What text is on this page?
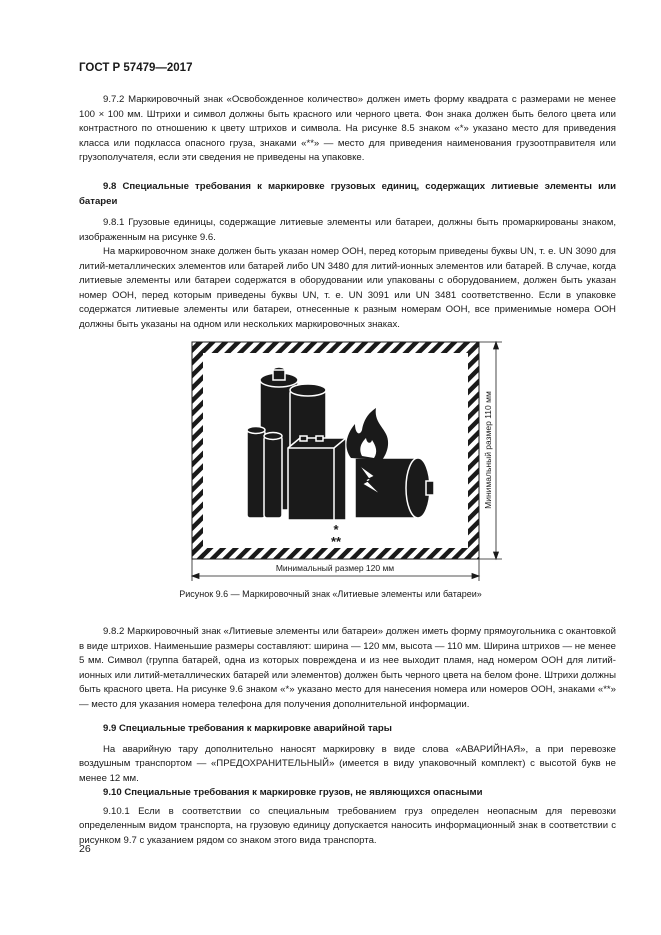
ГОСТ Р 57479—2017

9.7.2 Маркировочный знак «Освобожденное количество» должен иметь форму квадрата с размерами не менее 100 × 100 мм. Штрихи и символ должны быть красного или черного цвета. Фон знака должен быть белого цвета или контрастного по отношению к цвету штрихов и символа. На рисунке 8.5 знаком «*» указано место для приведения класса или подкласса опасного груза, знаками «**» — место для приведения наименования грузоотправителя или грузополучателя, если эти сведения не приведены на упаковке.

9.8 Специальные требования к маркировке грузовых единиц, содержащих литиевые элементы или батареи

9.8.1 Грузовые единицы, содержащие литиевые элементы или батареи, должны быть промаркированы знаком, изображенным на рисунке 9.6.

На маркировочном знаке должен быть указан номер ООН, перед которым приведены буквы UN, т. е. UN 3090 для литий-металлических элементов или батарей либо UN 3480 для литий-ионных элементов или батарей. В случае, когда литиевые элементы или батареи содержатся в оборудовании или упакованы с оборудованием, должен быть указан номер ООН, перед которым приведены буквы UN, т. е. UN 3091 или UN 3481 соответственно. Если в упаковке содержатся литиевые элементы или батареи, отнесенные к разным номерам ООН, все применимые номера ООН должны быть указаны на одном или нескольких маркировочных знаках.

*
**
Минимальный размер 110 мм
Минимальный размер 120 мм
Рисунок 9.6 — Маркировочный знак «Литиевые элементы или батареи»

9.8.2 Маркировочный знак «Литиевые элементы или батареи» должен иметь форму прямоугольника с окантовкой в виде штрихов. Наименьшие размеры составляют: ширина — 120 мм, высота — 110 мм. Ширина штрихов — не менее 5 мм. Символ (группа батарей, одна из которых повреждена и из нее выходит пламя, над номером ООН для литий-ионных или литий-металлических батарей или элементов) должен быть черного цвета на белом фоне. Штрихи должны быть красного цвета. На рисунке 9.6 знаком «*» указано место для нанесения номера или номеров ООН, знаками «**» — место для указания номера телефона для получения дополнительной информации.

9.9 Специальные требования к маркировке аварийной тары

На аварийную тару дополнительно наносят маркировку в виде слова «АВАРИЙНАЯ», а при перевозке воздушным транспортом — «ПРЕДОХРАНИТЕЛЬНЫЙ» (имеется в виду упаковочный комплект) с высотой букв не менее 12 мм.

9.10 Специальные требования к маркировке грузов, не являющихся опасными

9.10.1 Если в соответствии со специальным требованием груз определен неопасным для перевозки определенным видом транспорта, на грузовую единицу допускается наносить информационный знак в соответствии с рисунком 9.7 с указанием рядом со знаком этого вида транспорта.

26
